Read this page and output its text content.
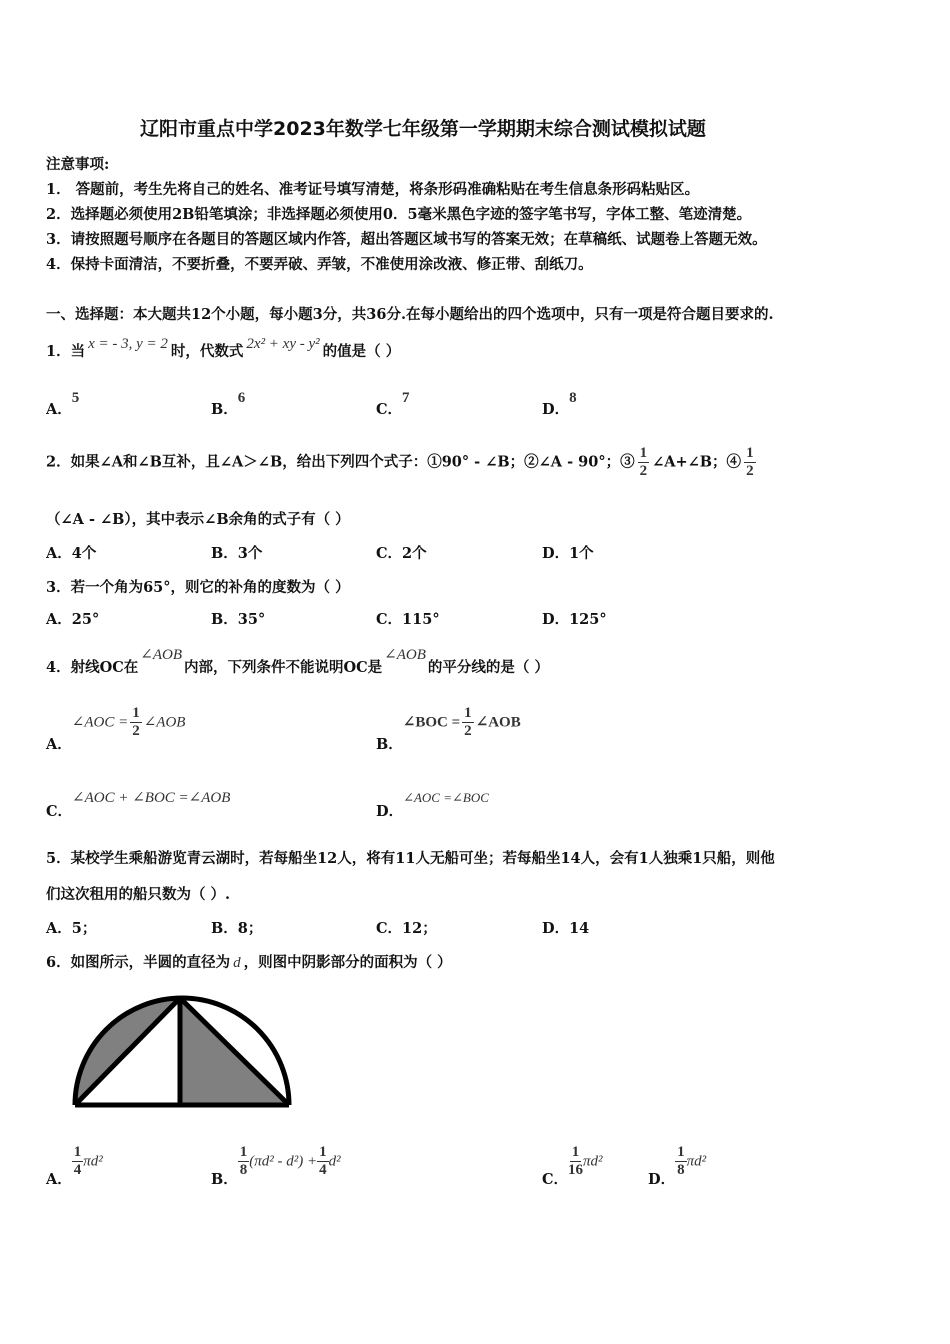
辽阳市重点中学2023年数学七年级第一学期期末综合测试模拟试题
注意事项:
1． 答题前，考生先将自己的姓名、准考证号填写清楚，将条形码准确粘贴在考生信息条形码粘贴区。
2．选择题必须使用2B铅笔填涂；非选择题必须使用0．5毫米黑色字迹的签字笔书写，字体工整、笔迹清楚。
3．请按照题号顺序在各题目的答题区域内作答，超出答题区域书写的答案无效；在草稿纸、试题卷上答题无效。
4．保持卡面清洁，不要折叠，不要弄破、弄皱，不准使用涂改液、修正带、刮纸刀。
一、选择题：本大题共12个小题，每小题3分，共36分.在每小题给出的四个选项中，只有一项是符合题目要求的.
1．当 x = - 3, y = 2 时，代数式 2x² + xy - y² 的值是（ ）
A．5
B．6
C．7
D．8
2．如果∠A和∠B互补，且∠A＞∠B，给出下列四个式子：①90° - ∠B；②∠A - 90°；③ $\frac{1}{2}$ ∠A+∠B；④ $\frac{1}{2}$
（∠A - ∠B），其中表示∠B余角的式子有（ ）
A．4个	B．3个	C．2个	D．1个
3．若一个角为65°，则它的补角的度数为（ ）
A．25°	B．35°	C．115°	D．125°
4．射线OC在∠AOB内部，下列条件不能说明OC是∠AOB的平分线的是（ ）
A．∠AOC = $\frac{1}{2}$ ∠AOB
B．∠BOC = $\frac{1}{2}$ ∠AOB
C．∠AOC + ∠BOC =∠AOB
D．∠AOC =∠BOC
5．某校学生乘船游览青云湖时，若每船坐12人，将有11人无船可坐；若每船坐14人，会有1人独乘1只船，则他
们这次租用的船只数为（ ）.
A．5；	B．8；	C．12；	D．14
6．如图所示，半圆的直径为 d ，则图中阴影部分的面积为（ ）
A．
$\frac{1}{4} \pi d^2$
B．
$\frac{1}{8} (\pi d^2 - d^2) + \frac{1}{4} d^2$
C．
$\frac{1}{16} \pi d^2$
D．
$\frac{1}{8} \pi d^2$
